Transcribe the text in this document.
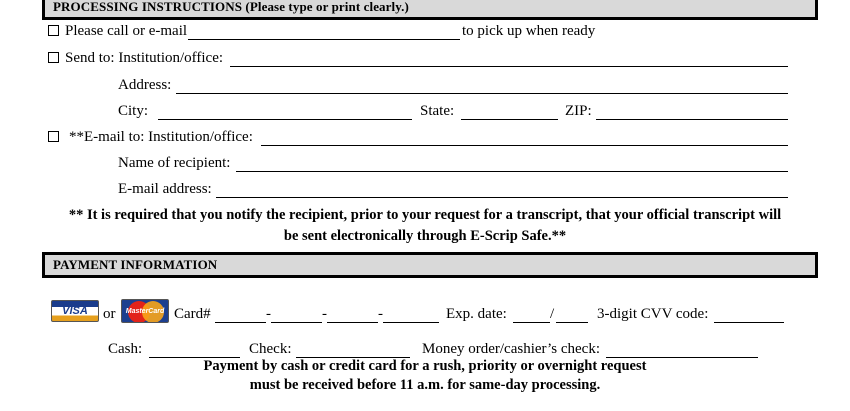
PROCESSING INSTRUCTIONS (Please type or print clearly.)
Please call or e-mail	to pick up when ready
Send to: Institution/office:
Address:
City:	State:	ZIP:
**E-mail to: Institution/office:
Name of recipient:
E-mail address:
** It is required that you notify the recipient, prior to your request for a transcript, that your official transcript will
be sent electronically through E-Scrip Safe.**
PAYMENT INFORMATION
VISA or MasterCard Card#	-	-	-	Exp. date:	/	3-digit CVV code:
Cash:	Check:	Money order/cashier’s check:
Payment by cash or credit card for a rush, priority or overnight request
must be received before 11 a.m. for same-day processing.
